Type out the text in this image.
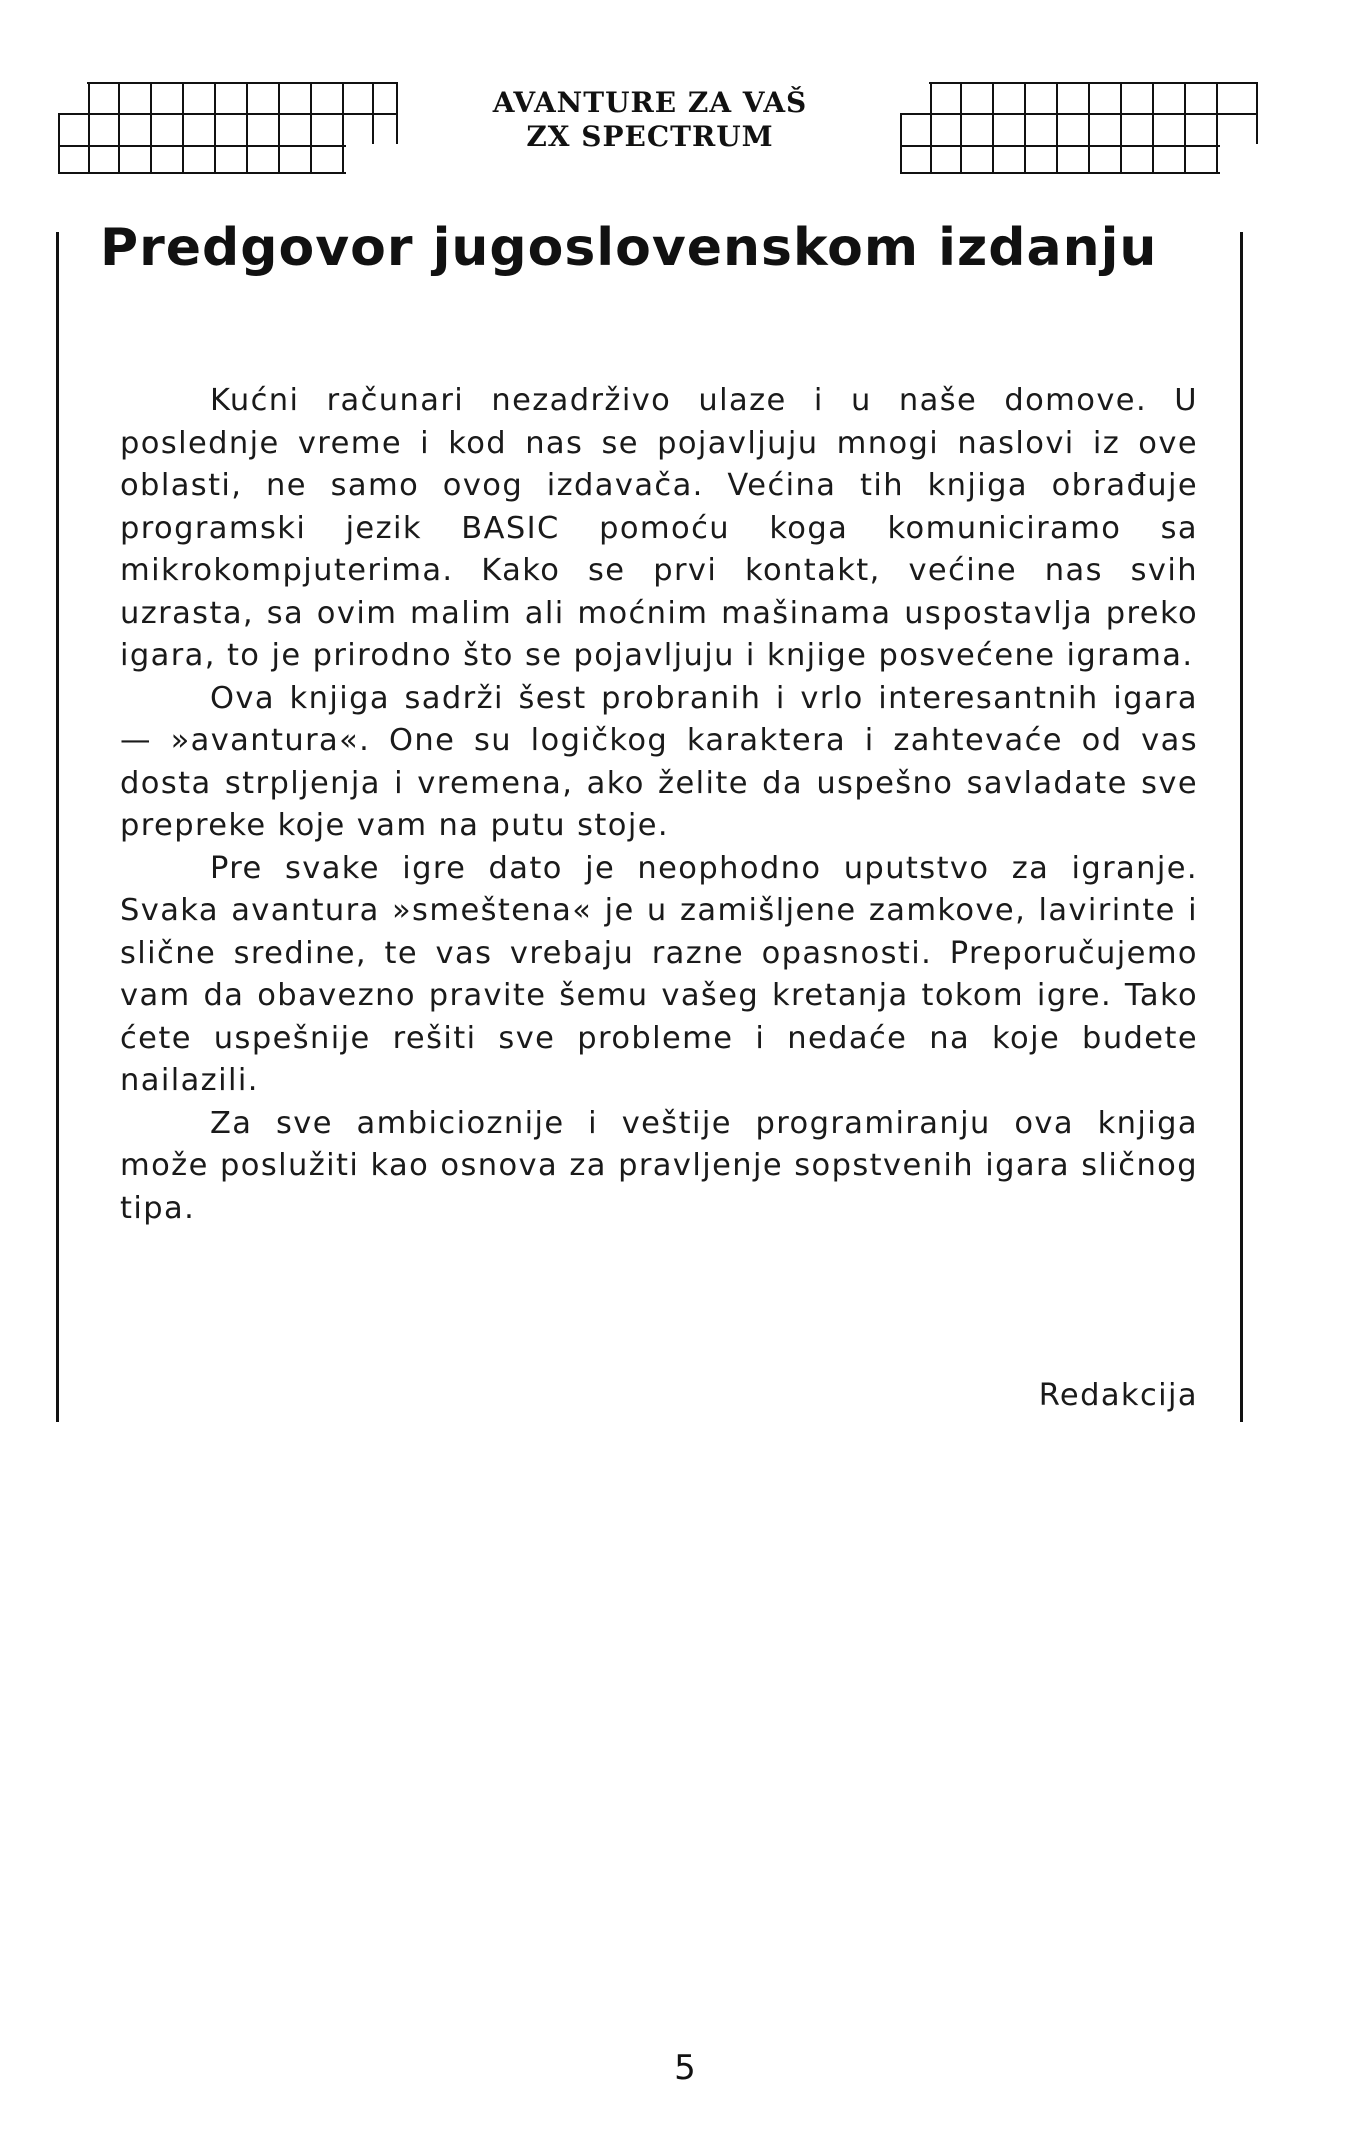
AVANTURE ZA VAŠ
ZX SPECTRUM
Predgovor jugoslovenskom izdanju

Kućni računari nezadrživo ulaze i u naše domove. U poslednje vreme i kod nas se pojavljuju mnogi naslovi iz ove oblasti, ne samo ovog izdavača. Većina tih knjiga obrađuje programski jezik BASIC pomoću koga komuniciramo sa mikrokompjuterima. Kako se prvi kontakt, većine nas svih uzrasta, sa ovim malim ali moćnim mašinama uspostavlja preko igara, to je prirodno što se pojavljuju i knjige posvećene igrama.

Ova knjiga sadrži šest probranih i vrlo interesantnih igara — »avantura«. One su logičkog karaktera i zahtevaće od vas dosta strpljenja i vremena, ako želite da uspešno savladate sve prepreke koje vam na putu stoje.

Pre svake igre dato je neophodno uputstvo za igranje. Svaka avantura »smeštena« je u zamišljene zamkove, lavirinte i slične sredine, te vas vrebaju razne opasnosti. Preporučujemo vam da obavezno pravite šemu vašeg kretanja tokom igre. Tako ćete uspešnije rešiti sve probleme i nedaće na koje budete nailazili.

Za sve ambicioznije i veštije programiranju ova knjiga može poslužiti kao osnova za pravljenje sopstvenih igara sličnog tipa.

Redakcija
5
